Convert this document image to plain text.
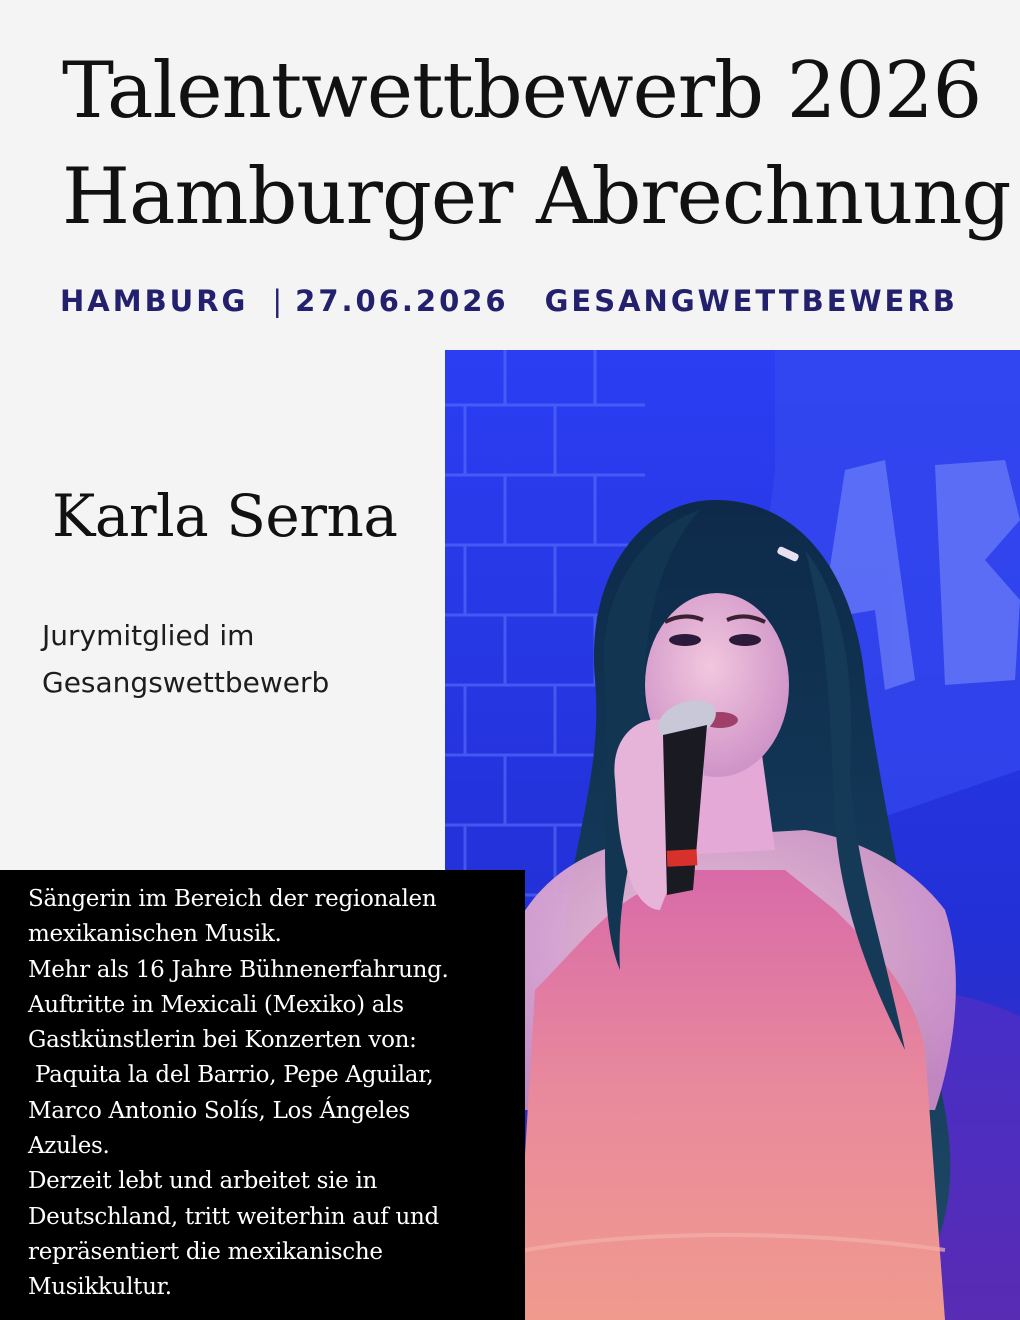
Talentwettbewerb 2026
Hamburger Abrechnung
HAMBURG | 27.06.2026 GESANGWETTBEWERB
Karla Serna
Jurymitglied im
Gesangswettbewerb

Sängerin im Bereich der regionalen
mexikanischen Musik.
Mehr als 16 Jahre Bühnenerfahrung.
Auftritte in Mexicali (Mexiko) als
Gastkünstlerin bei Konzerten von:
Paquita la del Barrio, Pepe Aguilar,
Marco Antonio Solís, Los Ángeles
Azules.
Derzeit lebt und arbeitet sie in
Deutschland, tritt weiterhin auf und
repräsentiert die mexikanische
Musikkultur.
